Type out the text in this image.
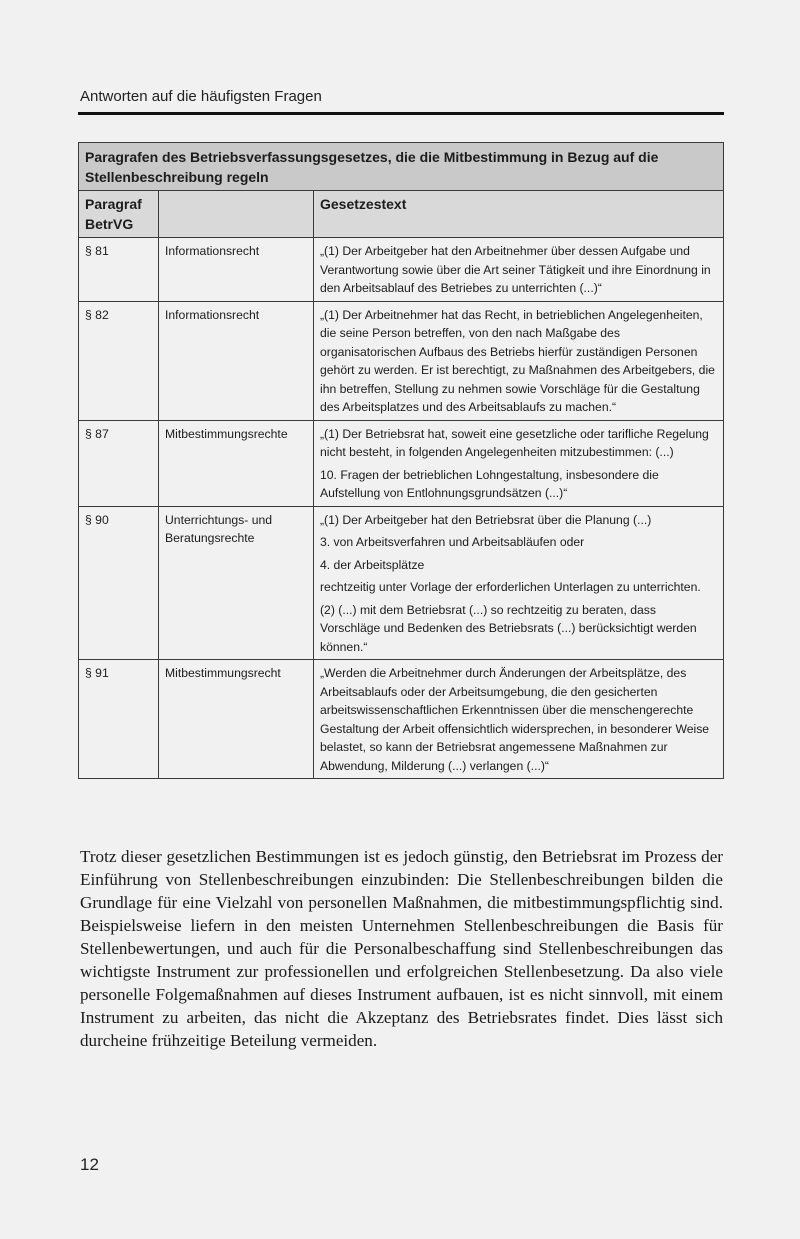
Antworten auf die häufigsten Fragen
Paragrafen des Betriebsverfassungsgesetzes, die die Mitbestimmung in Bezug auf die Stellenbeschreibung regeln		
Paragraf BetrVG		Gesetzestext
§ 81	Informationsrecht	„(1) Der Arbeitgeber hat den Arbeitnehmer über dessen Aufgabe und Verantwortung sowie über die Art seiner Tätigkeit und ihre Einordnung in den Arbeitsablauf des Betriebes zu unterrichten (...)“

§ 82	Informationsrecht	„(1) Der Arbeitnehmer hat das Recht, in betrieblichen Angelegenheiten, die seine Person betreffen, von den nach Maßgabe des organisatorischen Aufbaus des Betriebs hierfür zuständigen Personen gehört zu werden. Er ist berechtigt, zu Maßnahmen des Arbeitgebers, die ihn betreffen, Stellung zu nehmen sowie Vorschläge für die Gestaltung des Arbeitsplatzes und des Arbeitsablaufs zu machen.“

§ 87	Mitbestimmungsrechte	„(1) Der Betriebsrat hat, soweit eine gesetzliche oder tarifliche Regelung nicht besteht, in folgenden Angelegenheiten mitzubestimmen: (...)
10. Fragen der betrieblichen Lohngestaltung, insbesondere die Aufstellung von Entlohnungsgrundsätzen (...)“

§ 90	Unterrichtungs- und Beratungsrechte	„(1) Der Arbeitgeber hat den Betriebsrat über die Planung (...)
3. von Arbeitsverfahren und Arbeitsabläufen oder
4. der Arbeitsplätze
rechtzeitig unter Vorlage der erforderlichen Unterlagen zu unterrichten.
(2) (...) mit dem Betriebsrat (...) so rechtzeitig zu beraten, dass Vorschläge und Bedenken des Betriebsrats (...) berücksichtigt werden können.“

§ 91	Mitbestimmungsrecht	„Werden die Arbeitnehmer durch Änderungen der Arbeitsplätze, des Arbeitsablaufs oder der Arbeitsumgebung, die den gesicherten arbeitswissenschaftlichen Erkenntnissen über die menschengerechte Gestaltung der Arbeit offensichtlich widersprechen, in besonderer Weise belastet, so kann der Betriebsrat angemessene Maßnahmen zur Abwendung, Milderung (...) verlangen (...)“
Trotz dieser gesetzlichen Bestimmungen ist es jedoch günstig, den Betriebsrat im Prozess der Einführung von Stellenbeschreibungen einzubinden: Die Stellenbeschreibungen bilden die Grundlage für eine Vielzahl von personellen Maßnahmen, die mitbestimmungspflichtig sind. Beispielsweise liefern in den meisten Unternehmen Stellenbeschreibungen die Basis für Stellenbewertungen, und auch für die Personalbeschaffung sind Stellenbeschreibungen das wichtigste Instrument zur professionellen und erfolgreichen Stellenbesetzung. Da also viele personelle Folgemaßnahmen auf dieses Instrument aufbauen, ist es nicht sinnvoll, mit einem Instrument zu arbeiten, das nicht die Akzeptanz des Betriebsrates findet. Dies lässt sich durcheine frühzeitige Beteilung vermeiden.
12
